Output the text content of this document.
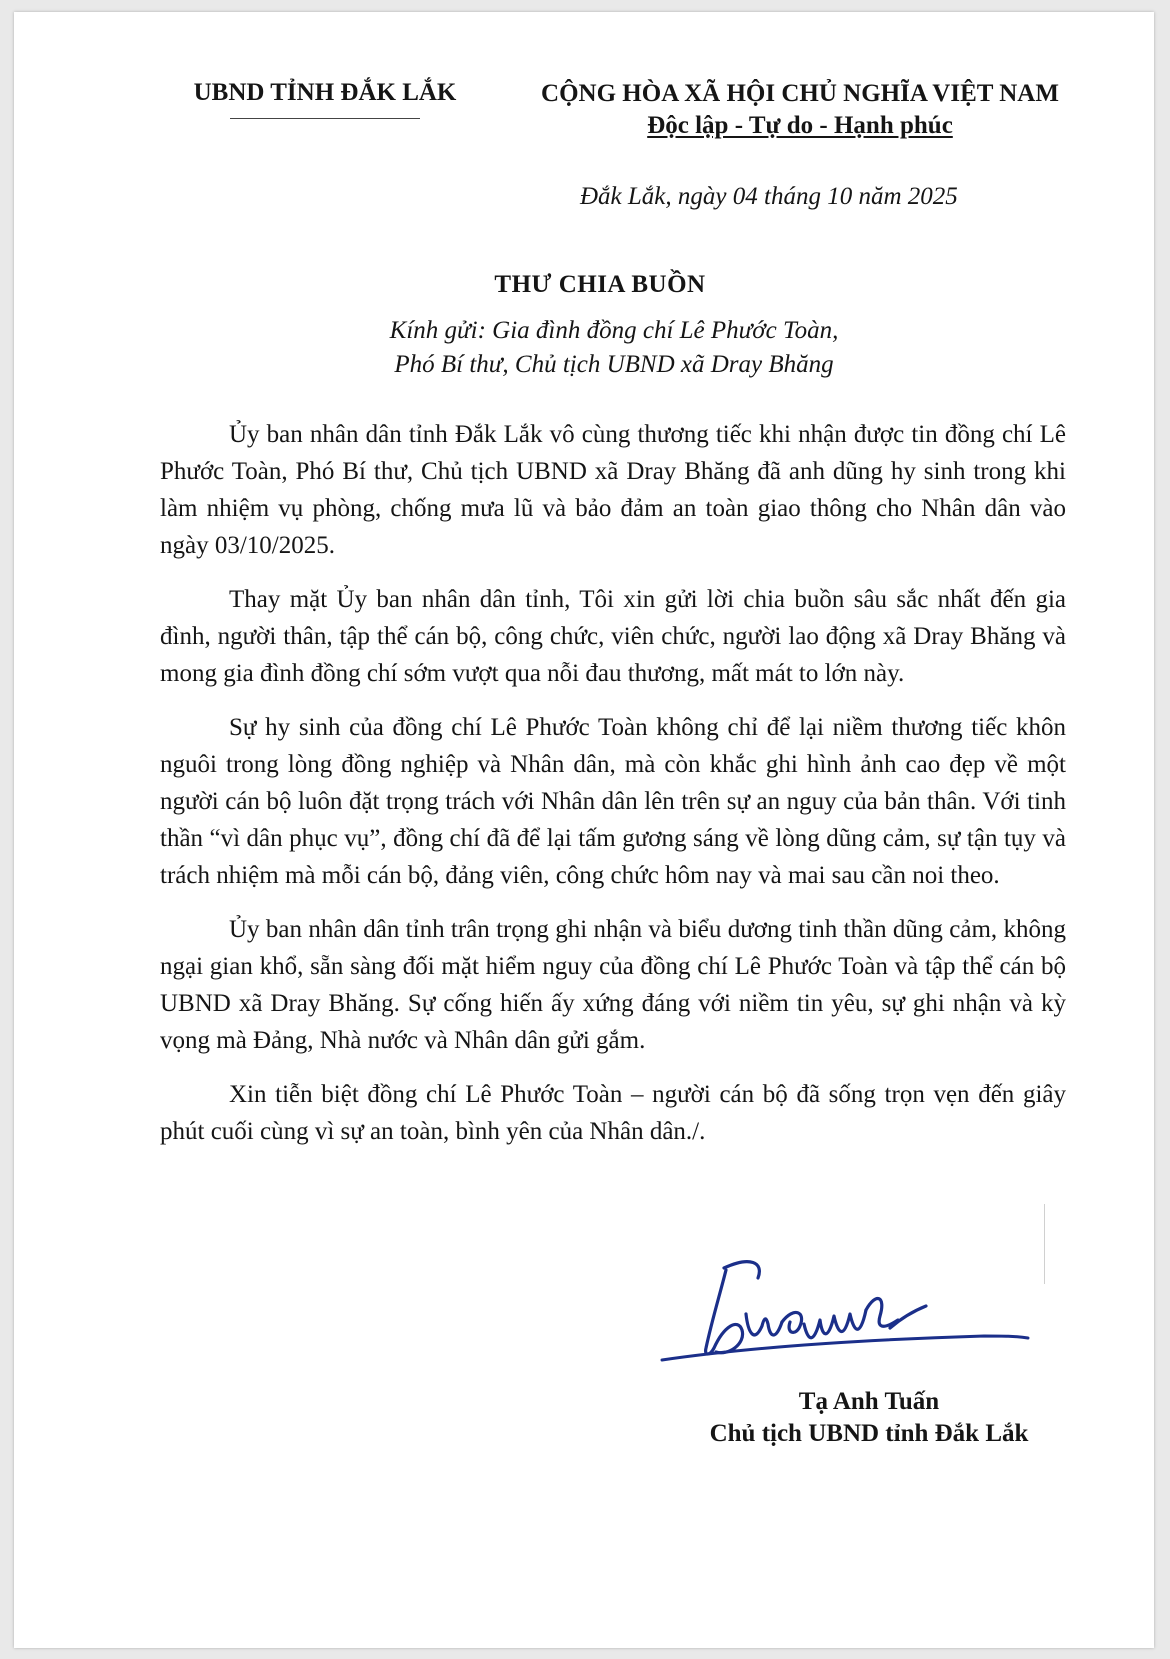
UBND TỈNH ĐẮK LẮK	CỘNG HÒA XÃ HỘI CHỦ NGHĨA VIỆT NAM
Độc lập - Tự do - Hạnh phúc
Đắk Lắk, ngày 04 tháng 10 năm 2025
THƯ CHIA BUỒN
Kính gửi: Gia đình đồng chí Lê Phước Toàn,
Phó Bí thư, Chủ tịch UBND xã Dray Bhăng

Ủy ban nhân dân tỉnh Đắk Lắk vô cùng thương tiếc khi nhận được tin đồng chí Lê Phước Toàn, Phó Bí thư, Chủ tịch UBND xã Dray Bhăng đã anh dũng hy sinh trong khi làm nhiệm vụ phòng, chống mưa lũ và bảo đảm an toàn giao thông cho Nhân dân vào ngày 03/10/2025.

Thay mặt Ủy ban nhân dân tỉnh, Tôi xin gửi lời chia buồn sâu sắc nhất đến gia đình, người thân, tập thể cán bộ, công chức, viên chức, người lao động xã Dray Bhăng và mong gia đình đồng chí sớm vượt qua nỗi đau thương, mất mát to lớn này.

Sự hy sinh của đồng chí Lê Phước Toàn không chỉ để lại niềm thương tiếc khôn nguôi trong lòng đồng nghiệp và Nhân dân, mà còn khắc ghi hình ảnh cao đẹp về một người cán bộ luôn đặt trọng trách với Nhân dân lên trên sự an nguy của bản thân. Với tinh thần “vì dân phục vụ”, đồng chí đã để lại tấm gương sáng về lòng dũng cảm, sự tận tụy và trách nhiệm mà mỗi cán bộ, đảng viên, công chức hôm nay và mai sau cần noi theo.

Ủy ban nhân dân tỉnh trân trọng ghi nhận và biểu dương tinh thần dũng cảm, không ngại gian khổ, sẵn sàng đối mặt hiểm nguy của đồng chí Lê Phước Toàn và tập thể cán bộ UBND xã Dray Bhăng. Sự cống hiến ấy xứng đáng với niềm tin yêu, sự ghi nhận và kỳ vọng mà Đảng, Nhà nước và Nhân dân gửi gắm.

Xin tiễn biệt đồng chí Lê Phước Toàn – người cán bộ đã sống trọn vẹn đến giây phút cuối cùng vì sự an toàn, bình yên của Nhân dân./.

Tạ Anh Tuấn
Chủ tịch UBND tỉnh Đắk Lắk
